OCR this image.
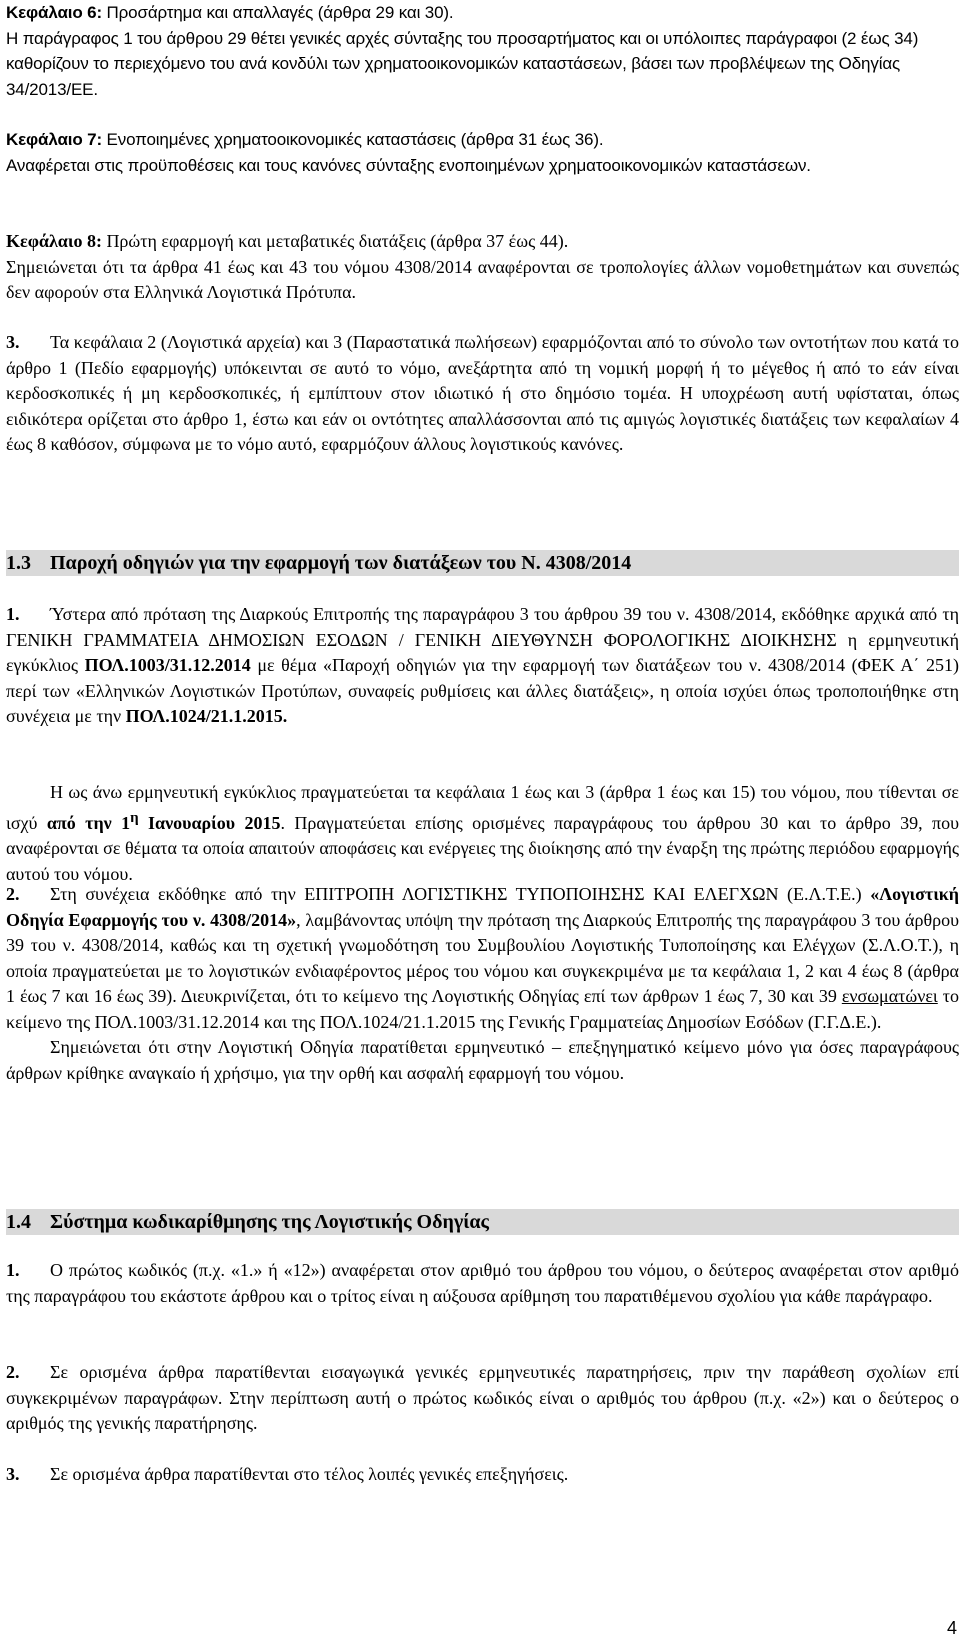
Κεφάλαιο 6: Προσάρτημα και απαλλαγές (άρθρα 29 και 30).

Η παράγραφος 1 του άρθρου 29 θέτει γενικές αρχές σύνταξης του προσαρτήματος και οι υπόλοιπες παράγραφοι (2 έως 34) καθορίζουν το περιεχόμενο του ανά κονδύλι των χρηματοοικονομικών καταστάσεων, βάσει των προβλέψεων της Οδηγίας 34/2013/ΕΕ.

Κεφάλαιο 7: Ενοποιημένες χρηματοοικονομικές καταστάσεις (άρθρα 31 έως 36).

Αναφέρεται στις προϋποθέσεις και τους κανόνες σύνταξης ενοποιημένων χρηματοοικονομικών καταστάσεων.

Κεφάλαιο 8: Πρώτη εφαρμογή και μεταβατικές διατάξεις (άρθρα 37 έως 44).

Σημειώνεται ότι τα άρθρα 41 έως και 43 του νόμου 4308/2014 αναφέρονται σε τροπολογίες άλλων νομοθετημάτων και συνεπώς δεν αφορούν στα Ελληνικά Λογιστικά Πρότυπα.

3. Τα κεφάλαια 2 (Λογιστικά αρχεία) και 3 (Παραστατικά πωλήσεων) εφαρμόζονται από το σύνολο των οντοτήτων που κατά το άρθρο 1 (Πεδίο εφαρμογής) υπόκεινται σε αυτό το νόμο, ανεξάρτητα από τη νομική μορφή ή το μέγεθος ή από το εάν είναι κερδοσκοπικές ή μη κερδοσκοπικές, ή εμπίπτουν στον ιδιωτικό ή στο δημόσιο τομέα. Η υποχρέωση αυτή υφίσταται, όπως ειδικότερα ορίζεται στο άρθρο 1, έστω και εάν οι οντότητες απαλλάσσονται από τις αμιγώς λογιστικές διατάξεις των κεφαλαίων 4 έως 8 καθόσον, σύμφωνα με το νόμο αυτό, εφαρμόζουν άλλους λογιστικούς κανόνες.

1.3 Παροχή οδηγιών για την εφαρμογή των διατάξεων του Ν. 4308/2014

1. Ύστερα από πρόταση της Διαρκούς Επιτροπής της παραγράφου 3 του άρθρου 39 του ν. 4308/2014, εκδόθηκε αρχικά από τη ΓΕΝΙΚΗ ΓΡΑΜΜΑΤΕΙΑ ΔΗΜΟΣΙΩΝ ΕΣΟΔΩΝ / ΓΕΝΙΚΗ ΔΙΕΥΘΥΝΣΗ ΦΟΡΟΛΟΓΙΚΗΣ ΔΙΟΙΚΗΣΗΣ η ερμηνευτική εγκύκλιος ΠΟΛ.1003/31.12.2014 με θέμα «Παροχή οδηγιών για την εφαρμογή των διατάξεων του ν. 4308/2014 (ΦΕΚ Α΄ 251) περί των «Ελληνικών Λογιστικών Προτύπων, συναφείς ρυθμίσεις και άλλες διατάξεις», η οποία ισχύει όπως τροποποιήθηκε στη συνέχεια με την ΠΟΛ.1024/21.1.2015.

Η ως άνω ερμηνευτική εγκύκλιος πραγματεύεται τα κεφάλαια 1 έως και 3 (άρθρα 1 έως και 15) του νόμου, που τίθενται σε ισχύ από την $1^\eta$ Ιανουαρίου 2015. Πραγματεύεται επίσης ορισμένες παραγράφους του άρθρου 30 και το άρθρο 39, που αναφέρονται σε θέματα τα οποία απαιτούν αποφάσεις και ενέργειες της διοίκησης από την έναρξη της πρώτης περιόδου εφαρμογής αυτού του νόμου.

2. Στη συνέχεια εκδόθηκε από την ΕΠΙΤΡΟΠΗ ΛΟΓΙΣΤΙΚΗΣ ΤΥΠΟΠΟΙΗΣΗΣ ΚΑΙ ΕΛΕΓΧΩΝ (Ε.Λ.Τ.Ε.) «Λογιστική Οδηγία Εφαρμογής του ν. 4308/2014», λαμβάνοντας υπόψη την πρόταση της Διαρκούς Επιτροπής της παραγράφου 3 του άρθρου 39 του ν. 4308/2014, καθώς και τη σχετική γνωμοδότηση του Συμβουλίου Λογιστικής Τυποποίησης και Ελέγχων (Σ.Λ.Ο.Τ.), η οποία πραγματεύεται με το λογιστικών ενδιαφέροντος μέρος του νόμου και συγκεκριμένα με τα κεφάλαια 1, 2 και 4 έως 8 (άρθρα 1 έως 7 και 16 έως 39). Διευκρινίζεται, ότι το κείμενο της Λογιστικής Οδηγίας επί των άρθρων 1 έως 7, 30 και 39 ενσωματώνει το κείμενο της ΠΟΛ.1003/31.12.2014 και της ΠΟΛ.1024/21.1.2015 της Γενικής Γραμματείας Δημοσίων Εσόδων (Γ.Γ.Δ.Ε.).

Σημειώνεται ότι στην Λογιστική Οδηγία παρατίθεται ερμηνευτικό – επεξηγηματικό κείμενο μόνο για όσες παραγράφους άρθρων κρίθηκε αναγκαίο ή χρήσιμο, για την ορθή και ασφαλή εφαρμογή του νόμου.

1.4 Σύστημα κωδικαρίθμησης της Λογιστικής Οδηγίας

1. Ο πρώτος κωδικός (π.χ. «1.» ή «12») αναφέρεται στον αριθμό του άρθρου του νόμου, ο δεύτερος αναφέρεται στον αριθμό της παραγράφου του εκάστοτε άρθρου και ο τρίτος είναι η αύξουσα αρίθμηση του παρατιθέμενου σχολίου για κάθε παράγραφο.

2. Σε ορισμένα άρθρα παρατίθενται εισαγωγικά γενικές ερμηνευτικές παρατηρήσεις, πριν την παράθεση σχολίων επί συγκεκριμένων παραγράφων. Στην περίπτωση αυτή ο πρώτος κωδικός είναι ο αριθμός του άρθρου (π.χ. «2») και ο δεύτερος ο αριθμός της γενικής παρατήρησης.

3. Σε ορισμένα άρθρα παρατίθενται στο τέλος λοιπές γενικές επεξηγήσεις.

4
